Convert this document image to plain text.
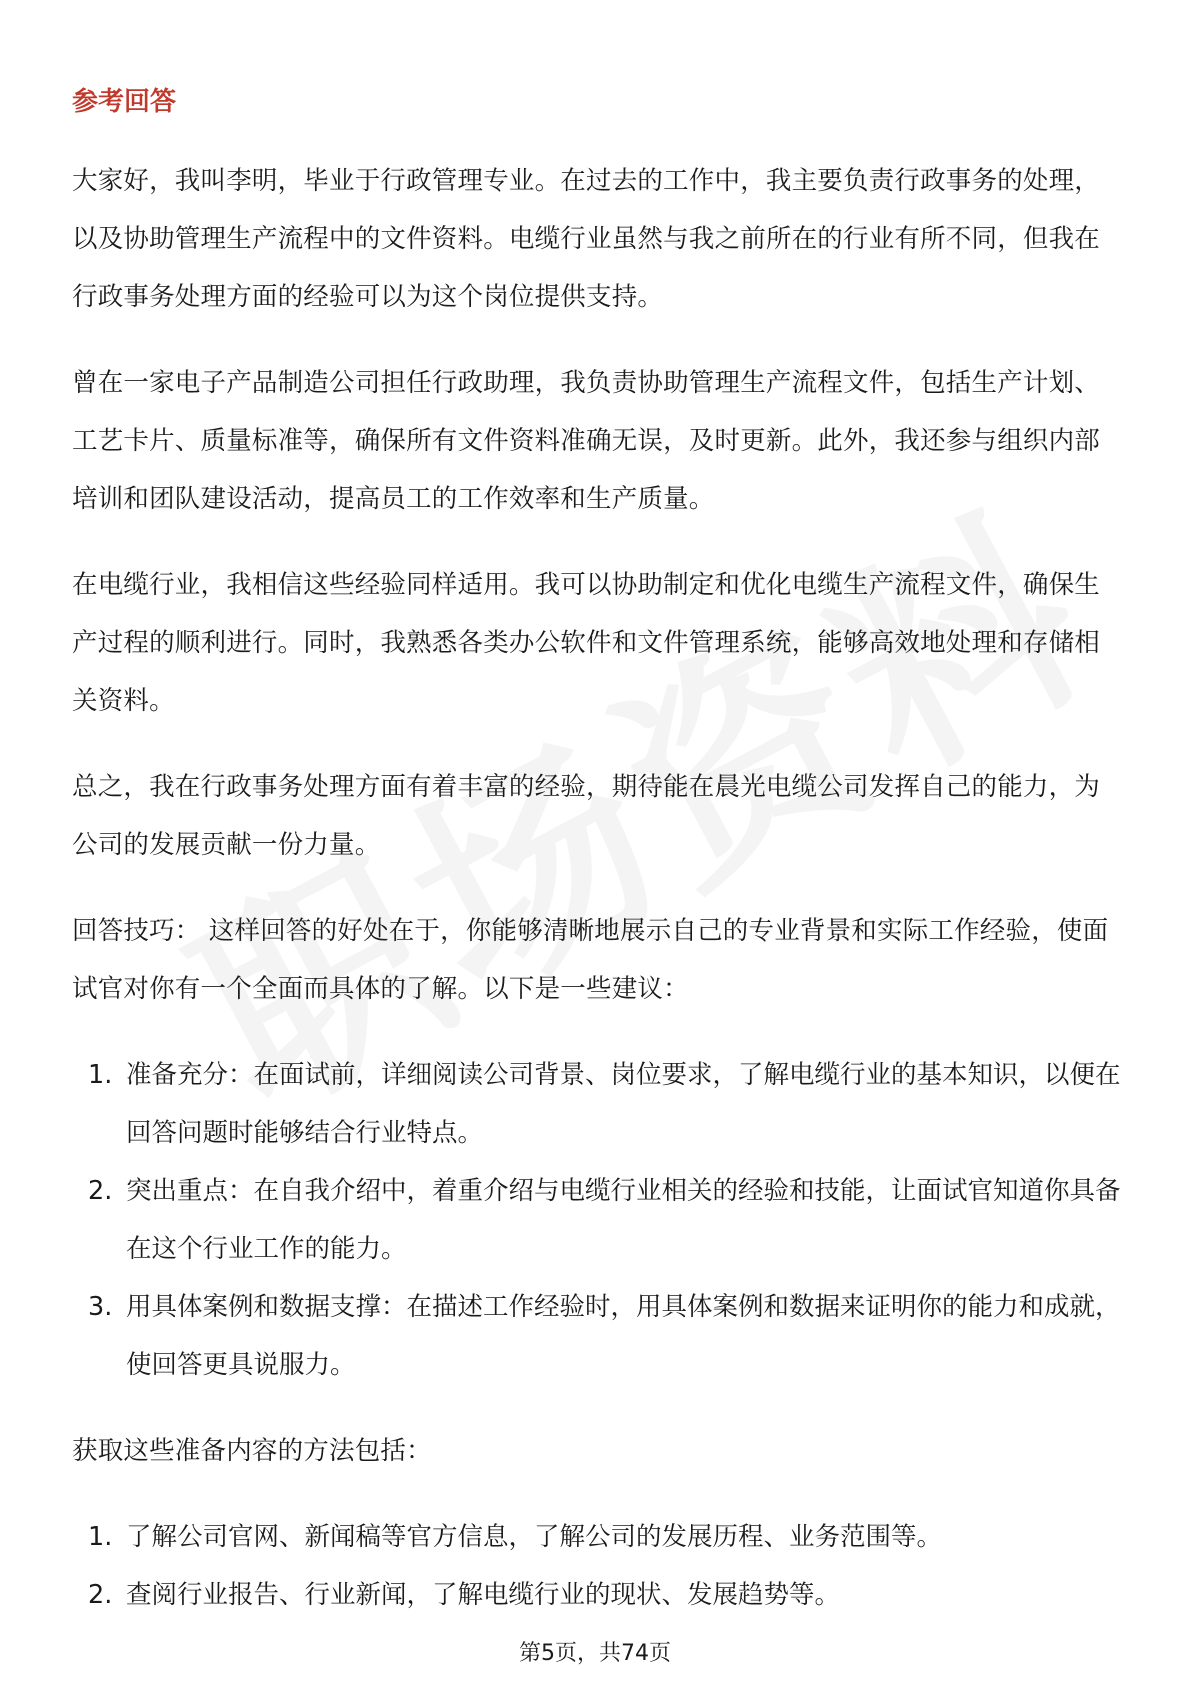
参考回答

大家好，我叫李明，毕业于行政管理专业。在过去的工作中，我主要负责行政事务的处理，以及协助管理生产流程中的文件资料。电缆行业虽然与我之前所在的行业有所不同，但我在行政事务处理方面的经验可以为这个岗位提供支持。

曾在一家电子产品制造公司担任行政助理，我负责协助管理生产流程文件，包括生产计划、工艺卡片、质量标准等，确保所有文件资料准确无误，及时更新。此外，我还参与组织内部培训和团队建设活动，提高员工的工作效率和生产质量。

在电缆行业，我相信这些经验同样适用。我可以协助制定和优化电缆生产流程文件，确保生产过程的顺利进行。同时，我熟悉各类办公软件和文件管理系统，能够高效地处理和存储相关资料。

总之，我在行政事务处理方面有着丰富的经验，期待能在晨光电缆公司发挥自己的能力，为公司的发展贡献一份力量。

回答技巧： 这样回答的好处在于，你能够清晰地展示自己的专业背景和实际工作经验，使面试官对你有一个全面而具体的了解。以下是一些建议：

1. 准备充分：在面试前，详细阅读公司背景、岗位要求，了解电缆行业的基本知识，以便在回答问题时能够结合行业特点。
2. 突出重点：在自我介绍中，着重介绍与电缆行业相关的经验和技能，让面试官知道你具备在这个行业工作的能力。
3. 用具体案例和数据支撑：在描述工作经验时，用具体案例和数据来证明你的能力和成就，使回答更具说服力。

获取这些准备内容的方法包括：

1. 了解公司官网、新闻稿等官方信息，了解公司的发展历程、业务范围等。
2. 查阅行业报告、行业新闻，了解电缆行业的现状、发展趋势等。
第5页，共74页
